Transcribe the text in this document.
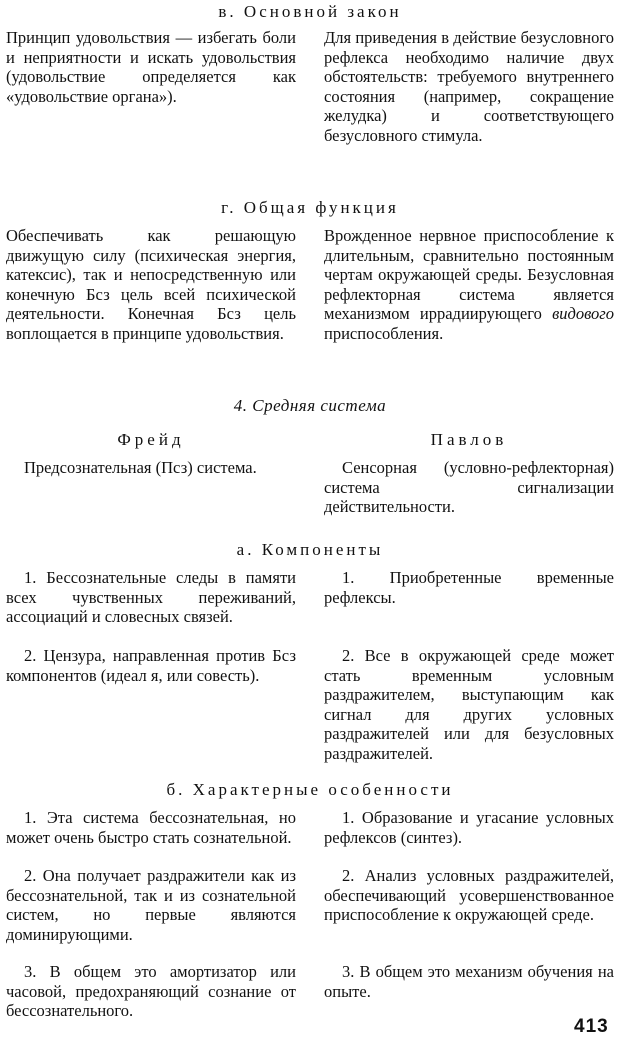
в. Основной закон

Принцип удовольствия — избегать боли и неприятности и искать удовольствия (удовольствие определяется как «удовольствие органа»).

Для приведения в действие безусловного рефлекса необходимо наличие двух обстоятельств: требуемого внутреннего состояния (например, сокращение желудка) и соответствующего безусловного стимула.

г. Общая функция

Обеспечивать как решающую движущую силу (психическая энергия, катексис), так и непосредственную или конечную Бсз цель всей психической деятельности. Конечная Бсз цель воплощается в принципе удовольствия.

Врожденное нервное приспособление к длительным, сравнительно постоянным чертам окружающей среды. Безусловная рефлекторная система является механизмом иррадиирующего видового приспособления.

4. Средняя система
Фрейд	Павлов

Предсознательная (Псз) система.	Сенсорная (условно-рефлекторная) система сигнализации действительности.

а. Компоненты

1. Бессознательные следы в памяти всех чувственных переживаний, ассоциаций и словесных связей.

2. Цензура, направленная против Бсз компонентов (идеал я, или совесть).

1. Приобретенные временные рефлексы.

2. Все в окружающей среде может стать временным условным раздражителем, выступающим как сигнал для других условных раздражителей или для безусловных раздражителей.

б. Характерные особенности

1. Эта система бессознательная, но может очень быстро стать сознательной.

2. Она получает раздражители как из бессознательной, так и из сознательной систем, но первые являются доминирующими.

3. В общем это амортизатор или часовой, предохраняющий сознание от бессознательного.

1. Образование и угасание условных рефлексов (синтез).

2. Анализ условных раздражителей, обеспечивающий усовершенствованное приспособление к окружающей среде.

3. В общем это механизм обучения на опыте.

413
